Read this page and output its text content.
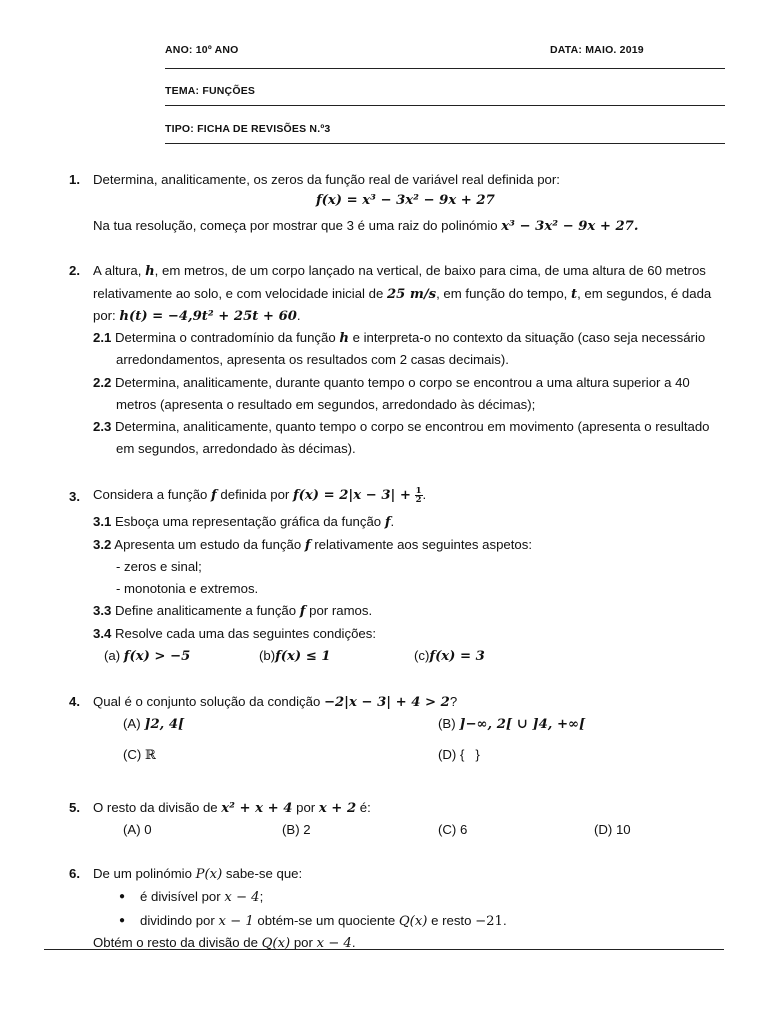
ANO: 10º ANO	DATA: MAIO. 2019
TEMA: FUNÇÕES
TIPO: FICHA DE REVISÕES N.º3
1. Determina, analiticamente, os zeros da função real de variável real definida por:
f(x) = x³ − 3x² − 9x + 27
Na tua resolução, começa por mostrar que 3 é uma raiz do polinómio x³ − 3x² − 9x + 27.
2. A altura, h, em metros, de um corpo lançado na vertical, de baixo para cima, de uma altura de 60 metros
relativamente ao solo, e com velocidade inicial de 25 m/s, em função do tempo, t, em segundos, é dada
por: h(t) = −4,9t² + 25t + 60.
2.1 Determina o contradomínio da função h e interpreta-o no contexto da situação (caso seja necessário
arredondamentos, apresenta os resultados com 2 casas decimais).
2.2 Determina, analiticamente, durante quanto tempo o corpo se encontrou a uma altura superior a 40
metros (apresenta o resultado em segundos, arredondado às décimas);
2.3 Determina, analiticamente, quanto tempo o corpo se encontrou em movimento (apresenta o resultado
em segundos, arredondado às décimas).
3. Considera a função f definida por $f(x) = 2|x - 3| + \frac{1}{2}$ .
3.1 Esboça uma representação gráfica da função f.
3.2 Apresenta um estudo da função f relativamente aos seguintes aspetos:
- zeros e sinal;
- monotonia e extremos.
3.3 Define analiticamente a função f por ramos.
3.4 Resolve cada uma das seguintes condições:
(a) f(x) > −5	(b)f(x) ≤ 1	(c)f(x) = 3
4. Qual é o conjunto solução da condição −2|x − 3| + 4 > 2?
(A) ]2, 4[	(B) ]−∞, 2[ ∪ ]4, +∞[
(C) ℝ	(D) {   }
5. O resto da divisão de x² + x + 4 por x + 2 é:
(A) 0	(B) 2	(C) 6	(D) 10
6. De um polinómio P(x) sabe-se que:
● é divisível por x − 4;
● dividindo por x − 1 obtém-se um quociente Q(x) e resto −21.
Obtém o resto da divisão de Q(x) por x − 4.
